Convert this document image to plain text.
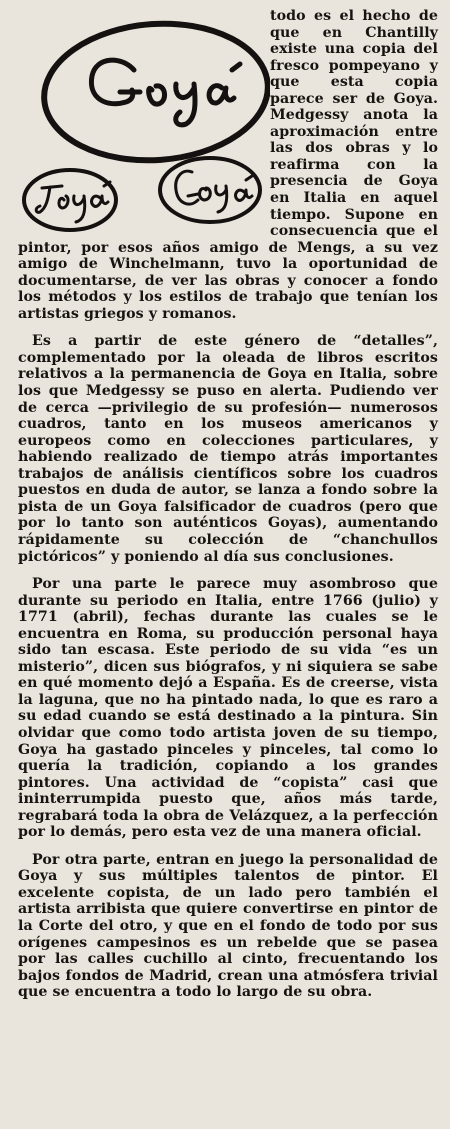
todo es el hecho de que en Chantilly existe una copia del fresco pompeyano y que esta copia parece ser de Goya. Medgessy anota la aproximación entre las dos obras y lo reafirma con la presencia de Goya en Italia en aquel tiempo. Supone en consecuencia que el pintor, por esos años amigo de Mengs, a su vez amigo de Winchelmann, tuvo la oportunidad de documentarse, de ver las obras y conocer a fondo los métodos y los estilos de trabajo que tenían los artistas griegos y romanos.

Es a partir de este género de “detalles”, complementado por la oleada de libros escritos relativos a la permanencia de Goya en Italia, sobre los que Medgessy se puso en alerta. Pudiendo ver de cerca —privilegio de su profesión— numerosos cuadros, tanto en los museos americanos y europeos como en colecciones particulares, y habiendo realizado de tiempo atrás importantes trabajos de análisis científicos sobre los cuadros puestos en duda de autor, se lanza a fondo sobre la pista de un Goya falsificador de cuadros (pero que por lo tanto son auténticos Goyas), aumentando rápidamente su colección de “chanchullos pictóricos” y poniendo al día sus conclusiones.

Por una parte le parece muy asombroso que durante su periodo en Italia, entre 1766 (julio) y 1771 (abril), fechas durante las cuales se le encuentra en Roma, su producción personal haya sido tan escasa. Este periodo de su vida “es un misterio”, dicen sus biógrafos, y ni siquiera se sabe en qué momento dejó a España. Es de creerse, vista la laguna, que no ha pintado nada, lo que es raro a su edad cuando se está destinado a la pintura. Sin olvidar que como todo artista joven de su tiempo, Goya ha gastado pinceles y pinceles, tal como lo quería la tradición, copiando a los grandes pintores. Una actividad de “copista” casi que ininterrumpida puesto que, años más tarde, regrabará toda la obra de Velázquez, a la perfección por lo demás, pero esta vez de una manera oficial.

Por otra parte, entran en juego la personalidad de Goya y sus múltiples talentos de pintor. El excelente copista, de un lado pero también el artista arribista que quiere convertirse en pintor de la Corte del otro, y que en el fondo de todo por sus orígenes campesinos es un rebelde que se pasea por las calles cuchillo al cinto, frecuentando los bajos fondos de Madrid, crean una atmósfera trivial que se encuentra a todo lo largo de su obra.
